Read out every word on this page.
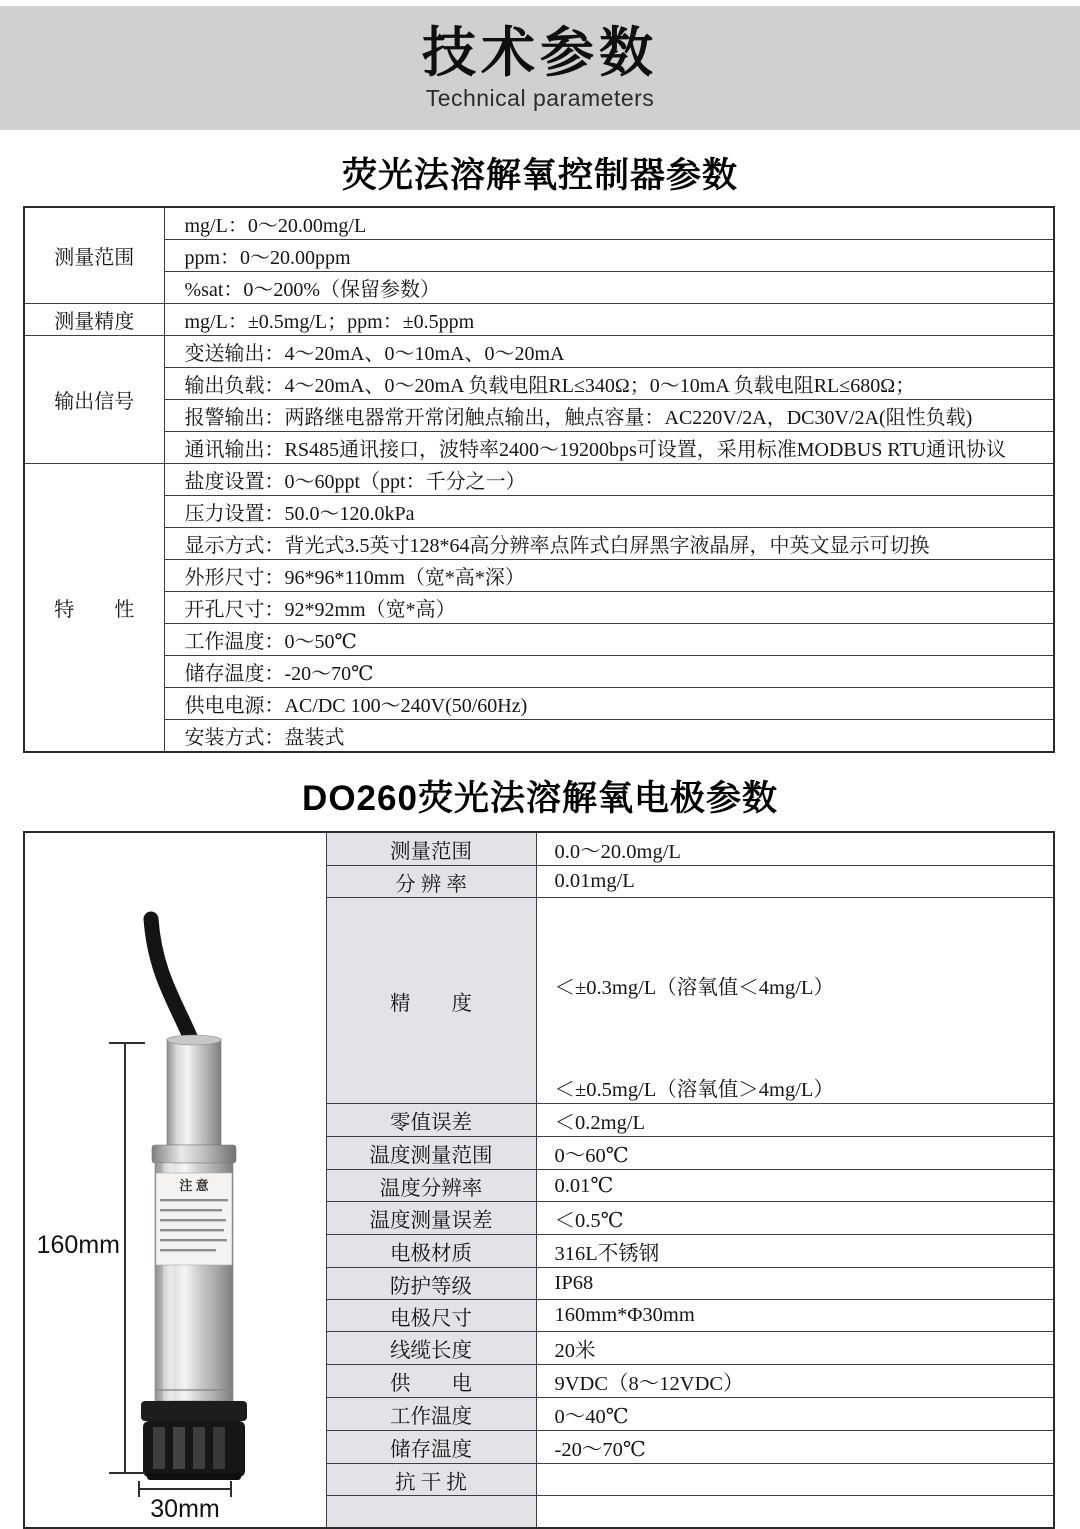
技术参数
Technical parameters
荧光法溶解氧控制器参数
测量范围	mg/L：0～20.00mg/L
	ppm：0～20.00ppm
	%sat：0～200%（保留参数）
测量精度	mg/L：±0.5mg/L；ppm：±0.5ppm
输出信号	变送输出：4～20mA、0～10mA、0～20mA
	输出负载：4～20mA、0～20mA 负载电阻RL≤340Ω；0～10mA 负载电阻RL≤680Ω；
	报警输出：两路继电器常开常闭触点输出，触点容量：AC220V/2A，DC30V/2A(阻性负载)
	通讯输出：RS485通讯接口，波特率2400～19200bps可设置，采用标准MODBUS RTU通讯协议
特　　性	盐度设置：0～60ppt（ppt：千分之一）
	压力设置：50.0～120.0kPa
	显示方式：背光式3.5英寸128*64高分辨率点阵式白屏黑字液晶屏，中英文显示可切换
	外形尺寸：96*96*110mm（宽*高*深）
	开孔尺寸：92*92mm（宽*高）
	工作温度：0～50℃
	储存温度：-20～70℃
	供电电源：AC/DC 100～240V(50/60Hz)
	安装方式：盘装式
DO260荧光法溶解氧电极参数
注 意
160mm
30mm	测量范围	0.0～20.0mg/L
	分 辨 率	0.01mg/L
	精　　度	＜±0.3mg/L（溶氧值＜4mg/L）
		＜±0.5mg/L（溶氧值＞4mg/L）
	零值误差	＜0.2mg/L
	温度测量范围	0～60℃
	温度分辨率	0.01℃
	温度测量误差	＜0.5℃
	电极材质	316L不锈钢
	防护等级	IP68
	电极尺寸	160mm*Φ30mm
	线缆长度	20米
	供　　电	9VDC（8～12VDC）
	工作温度	0～40℃
	储存温度	-20～70℃
	抗 干 扰	
